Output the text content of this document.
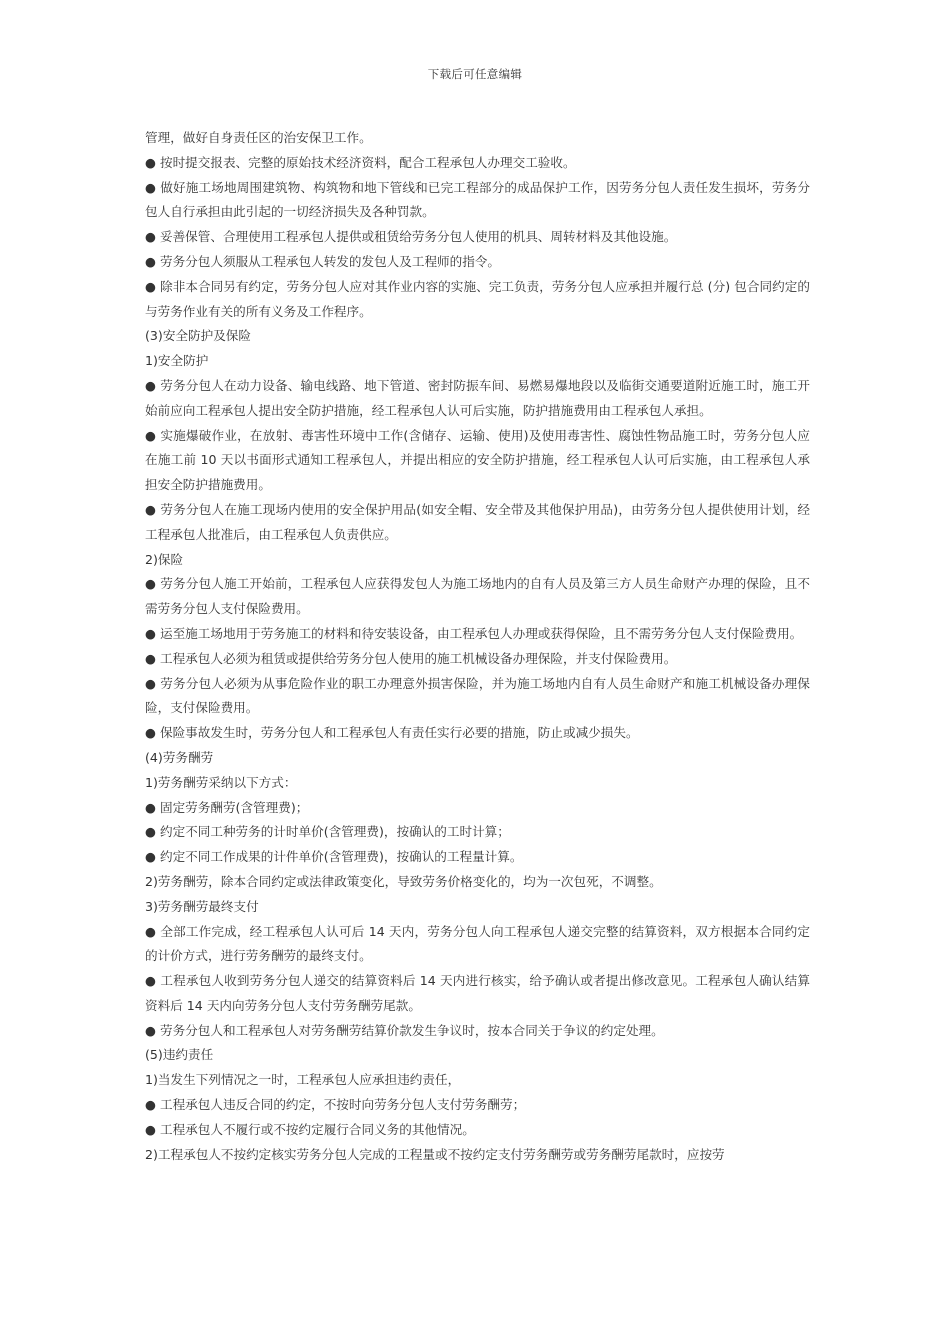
下载后可任意编辑

管理，做好自身责任区的治安保卫工作。

● 按时提交报表、完整的原始技术经济资料，配合工程承包人办理交工验收。

● 做好施工场地周围建筑物、构筑物和地下管线和已完工程部分的成品保护工作，因劳务分包人责任发生损坏，劳务分包人自行承担由此引起的一切经济损失及各种罚款。

● 妥善保管、合理使用工程承包人提供或租赁给劳务分包人使用的机具、周转材料及其他设施。

● 劳务分包人须服从工程承包人转发的发包人及工程师的指令。

● 除非本合同另有约定，劳务分包人应对其作业内容的实施、完工负责，劳务分包人应承担并履行总 (分) 包合同约定的与劳务作业有关的所有义务及工作程序。

(3)安全防护及保险

1)安全防护

● 劳务分包人在动力设备、输电线路、地下管道、密封防振车间、易燃易爆地段以及临街交通要道附近施工时，施工开始前应向工程承包人提出安全防护措施，经工程承包人认可后实施，防护措施费用由工程承包人承担。

● 实施爆破作业，在放射、毒害性环境中工作(含储存、运输、使用)及使用毒害性、腐蚀性物品施工时，劳务分包人应在施工前 10 天以书面形式通知工程承包人，并提出相应的安全防护措施，经工程承包人认可后实施，由工程承包人承担安全防护措施费用。

● 劳务分包人在施工现场内使用的安全保护用品(如安全帽、安全带及其他保护用品)，由劳务分包人提供使用计划，经工程承包人批准后，由工程承包人负责供应。

2)保险

● 劳务分包人施工开始前，工程承包人应获得发包人为施工场地内的自有人员及第三方人员生命财产办理的保险，且不需劳务分包人支付保险费用。

● 运至施工场地用于劳务施工的材料和待安装设备，由工程承包人办理或获得保险，且不需劳务分包人支付保险费用。

● 工程承包人必须为租赁或提供给劳务分包人使用的施工机械设备办理保险，并支付保险费用。

● 劳务分包人必须为从事危险作业的职工办理意外损害保险，并为施工场地内自有人员生命财产和施工机械设备办理保险，支付保险费用。

● 保险事故发生时，劳务分包人和工程承包人有责任实行必要的措施，防止或减少损失。

(4)劳务酬劳

1)劳务酬劳采纳以下方式：

● 固定劳务酬劳(含管理费)；

● 约定不同工种劳务的计时单价(含管理费)，按确认的工时计算；

● 约定不同工作成果的计件单价(含管理费)，按确认的工程量计算。

2)劳务酬劳，除本合同约定或法律政策变化，导致劳务价格变化的，均为一次包死，不调整。

3)劳务酬劳最终支付

● 全部工作完成，经工程承包人认可后 14 天内，劳务分包人向工程承包人递交完整的结算资料，双方根据本合同约定的计价方式，进行劳务酬劳的最终支付。

● 工程承包人收到劳务分包人递交的结算资料后 14 天内进行核实，给予确认或者提出修改意见。工程承包人确认结算资料后 14 天内向劳务分包人支付劳务酬劳尾款。

● 劳务分包人和工程承包人对劳务酬劳结算价款发生争议时，按本合同关于争议的约定处理。

(5)违约责任

1)当发生下列情况之一时，工程承包人应承担违约责任，

● 工程承包人违反合同的约定，不按时向劳务分包人支付劳务酬劳；

● 工程承包人不履行或不按约定履行合同义务的其他情况。

2)工程承包人不按约定核实劳务分包人完成的工程量或不按约定支付劳务酬劳或劳务酬劳尾款时，应按劳
